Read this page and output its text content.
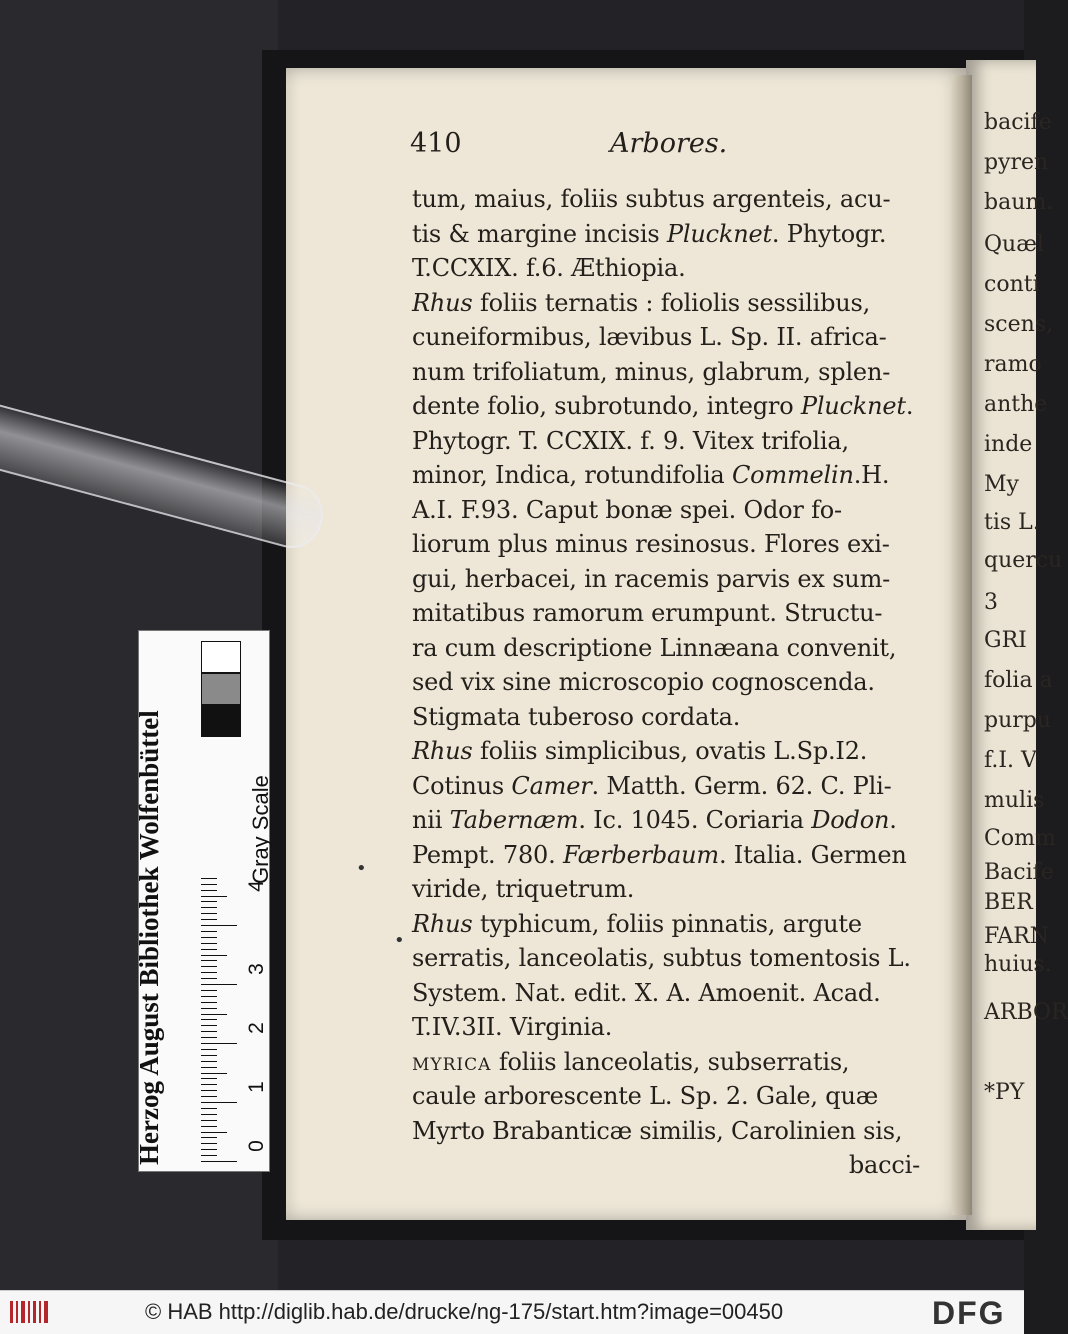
bacife
pyren
baum.
Quæl
conti
scens,
ramo
anthe
inde
My
tis L.
quercu
3
GRI
folia a
purpu
f.I. V
mulis
Comm
Bacife
BER
FARN
huius.
ARBOR
*PY
410	Arbores.
tum, maius, foliis subtus argenteis, acu-
tis & margine incisis Plucknet. Phytogr.
T.CCXIX. f.6. Æthiopia.
Rhus foliis ternatis : foliolis sessilibus,
cuneiformibus, lævibus L. Sp. II. africa-
num trifoliatum, minus, glabrum, splen-
dente folio, subrotundo, integro Plucknet.
Phytogr. T. CCXIX. f. 9. Vitex trifolia,
minor, Indica, rotundifolia Commelin.H.
A.I. F.93. Caput bonæ spei. Odor fo-
liorum plus minus resinosus. Flores exi-
gui, herbacei, in racemis parvis ex sum-
mitatibus ramorum erumpunt. Structu-
ra cum descriptione Linnæana convenit,
sed vix sine microscopio cognoscenda.
Stigmata tuberoso cordata.
Rhus foliis simplicibus, ovatis L.Sp.I2.
Cotinus Camer. Matth. Germ. 62. C. Pli-
nii Tabernæm. Ic. 1045. Coriaria Dodon.
Pempt. 780. Færberbaum. Italia. Germen
viride, triquetrum.
Rhus typhicum, foliis pinnatis, argute
serratis, lanceolatis, subtus tomentosis L.
System. Nat. edit. X. A. Amoenit. Acad.
T.IV.3II. Virginia.
myrica foliis lanceolatis, subserratis,
caule arborescente L. Sp. 2. Gale, quæ
Myrto Brabanticæ similis, Carolinien sis,
bacci-
•
•
Herzog August Bibliothek Wolfenbüttel	Gray Scale
0
1
2
3
4
© HAB http://diglib.hab.de/drucke/ng-175/start.htm?image=00450	DFG
